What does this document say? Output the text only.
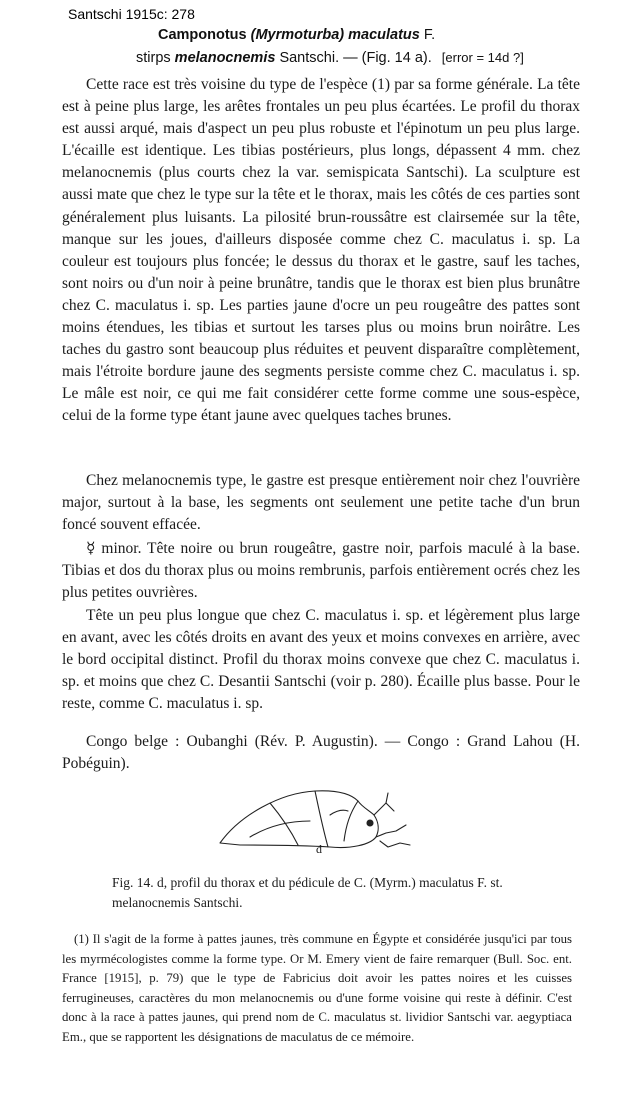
Santschi 1915c: 278
Camponotus (Myrmoturba) maculatus F.
stirps melanocnemis Santschi. — (Fig. 14 a). [error = 14d ?]

Cette race est très voisine du type de l'espèce (1) par sa forme générale. La tête est à peine plus large, les arêtes frontales un peu plus écartées. Le profil du thorax est aussi arqué, mais d'aspect un peu plus robuste et l'épinotum un peu plus large. L'écaille est identique. Les tibias postérieurs, plus longs, dépassent 4 mm. chez melanocnemis (plus courts chez la var. semispicata Santschi). La sculpture est aussi mate que chez le type sur la tête et le thorax, mais les côtés de ces parties sont généralement plus luisants. La pilosité brun-roussâtre est clairsemée sur la tête, manque sur les joues, d'ailleurs disposée comme chez C. maculatus i. sp. La couleur est toujours plus foncée; le dessus du thorax et le gastre, sauf les taches, sont noirs ou d'un noir à peine brunâtre, tandis que le thorax est bien plus brunâtre chez C. maculatus i. sp. Les parties jaune d'ocre un peu rougeâtre des pattes sont moins étendues, les tibias et surtout les tarses plus ou moins brun noirâtre. Les taches du gastro sont beaucoup plus réduites et peuvent disparaître complètement, mais l'étroite bordure jaune des segments persiste comme chez C. maculatus i. sp. Le mâle est noir, ce qui me fait considérer cette forme comme une sous-espèce, celui de la forme type étant jaune avec quelques taches brunes.

Chez melanocnemis type, le gastre est presque entièrement noir chez l'ouvrière major, surtout à la base, les segments ont seulement une petite tache d'un brun foncé souvent effacée.

☿ minor. Tête noire ou brun rougeâtre, gastre noir, parfois maculé à la base. Tibias et dos du thorax plus ou moins rembrunis, parfois entièrement ocrés chez les plus petites ouvrières.

Tête un peu plus longue que chez C. maculatus i. sp. et légèrement plus large en avant, avec les côtés droits en avant des yeux et moins convexes en arrière, avec le bord occipital distinct. Profil du thorax moins convexe que chez C. maculatus i. sp. et moins que chez C. Desantii Santschi (voir p. 280). Écaille plus basse. Pour le reste, comme C. maculatus i. sp.

Congo belge : Oubanghi (Rév. P. Augustin). — Congo : Grand Lahou (H. Pobéguin).

d
Fig. 14. d, profil du thorax et du pédicule de C. (Myrm.) maculatus F. st. melanocnemis Santschi.

(1) Il s'agit de la forme à pattes jaunes, très commune en Égypte et considérée jusqu'ici par tous les myrmécologistes comme la forme type. Or M. Emery vient de faire remarquer (Bull. Soc. ent. France [1915], p. 79) que le type de Fabricius doit avoir les pattes noires et les cuisses ferrugineuses, caractères du mon melanocnemis ou d'une forme voisine qui reste à définir. C'est donc à la race à pattes jaunes, qui prend nom de C. maculatus st. lividior Santschi var. aegyptiaca Em., que se rapportent les désignations de maculatus de ce mémoire.
